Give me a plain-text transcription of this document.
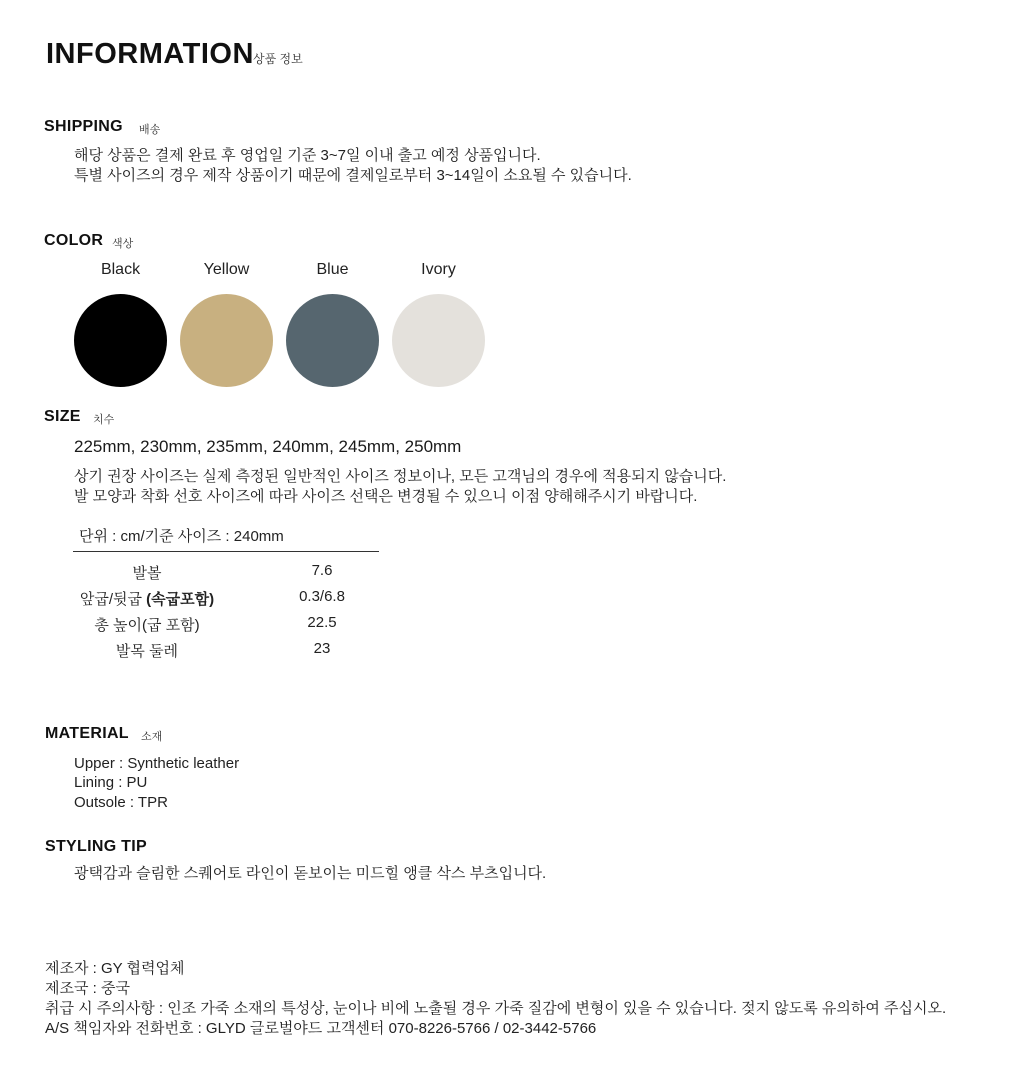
INFORMATION 상품 정보
SHIPPING 배송
해당 상품은 결제 완료 후 영업일 기준 3~7일 이내 출고 예정 상품입니다.
특별 사이즈의 경우 제작 상품이기 때문에 결제일로부터 3~14일이 소요될 수 있습니다.
COLOR 색상
Black	Yellow	Blue	Ivory
SIZE 치수
225mm, 230mm, 235mm, 240mm, 245mm, 250mm
상기 권장 사이즈는 실제 측정된 일반적인 사이즈 정보이나, 모든 고객님의 경우에 적용되지 않습니다.
발 모양과 착화 선호 사이즈에 따라 사이즈 선택은 변경될 수 있으니 이점 양해해주시기 바랍니다.
단위 : cm/기준 사이즈 : 240mm
발볼	7.6
앞굽/뒷굽 (속굽포함)	0.3/6.8
총 높이(굽 포함)	22.5
발목 둘레	23
MATERIAL 소재
Upper : Synthetic leather
Lining : PU
Outsole : TPR
STYLING TIP
광택감과 슬림한 스퀘어토 라인이 돋보이는 미드힐 앵클 삭스 부츠입니다.
제조자 : GY 협력업체
제조국 : 중국
취급 시 주의사항 : 인조 가죽 소재의 특성상, 눈이나 비에 노출될 경우 가죽 질감에 변형이 있을 수 있습니다. 젖지 않도록 유의하여 주십시오.
A/S 책임자와 전화번호 : GLYD 글로벌야드 고객센터 070-8226-5766 / 02-3442-5766
